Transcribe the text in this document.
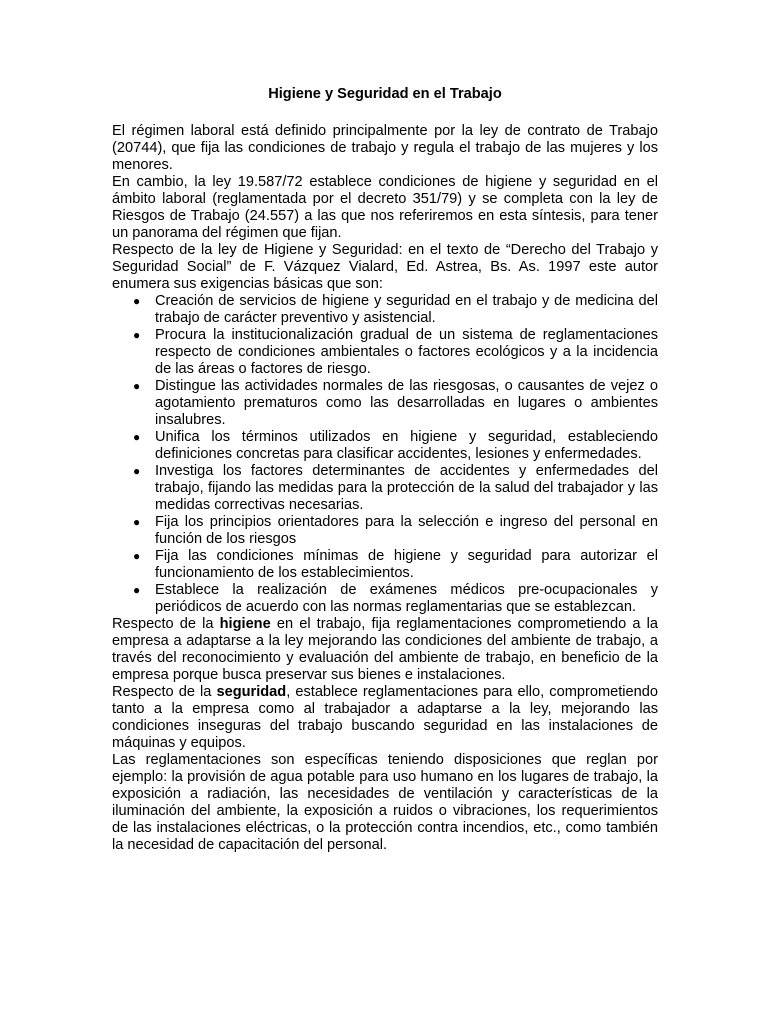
Higiene y Seguridad en el Trabajo

El régimen laboral está definido principalmente por la ley de contrato de Trabajo (20744), que fija las condiciones de trabajo y regula el trabajo de las mujeres y los menores.

En cambio, la ley 19.587/72 establece condiciones de higiene y seguridad en el ámbito laboral (reglamentada por el decreto 351/79) y se completa con la ley de Riesgos de Trabajo (24.557) a las que nos referiremos en esta síntesis, para tener un panorama del régimen que fijan.

Respecto de la ley de Higiene y Seguridad: en el texto de “Derecho del Trabajo y Seguridad Social” de F. Vázquez Vialard, Ed. Astrea, Bs. As. 1997 este autor enumera sus exigencias básicas que son:

● Creación de servicios de higiene y seguridad en el trabajo y de medicina del trabajo de carácter preventivo y asistencial.
● Procura la institucionalización gradual de un sistema de reglamentaciones respecto de condiciones ambientales o factores ecológicos y a la incidencia de las áreas o factores de riesgo.
● Distingue las actividades normales de las riesgosas, o causantes de vejez o agotamiento prematuros como las desarrolladas en lugares o ambientes insalubres.
● Unifica los términos utilizados en higiene y seguridad, estableciendo definiciones concretas para clasificar accidentes, lesiones y enfermedades.
● Investiga los factores determinantes de accidentes y enfermedades del trabajo, fijando las medidas para la protección de la salud del trabajador y las medidas correctivas necesarias.
● Fija los principios orientadores para la selección e ingreso del personal en función de los riesgos
● Fija las condiciones mínimas de higiene y seguridad para autorizar el funcionamiento de los establecimientos.
● Establece la realización de exámenes médicos pre-ocupacionales y periódicos de acuerdo con las normas reglamentarias que se establezcan.

Respecto de la higiene en el trabajo, fija reglamentaciones comprometiendo a la empresa a adaptarse a la ley mejorando las condiciones del ambiente de trabajo, a través del reconocimiento y evaluación del ambiente de trabajo, en beneficio de la empresa porque busca preservar sus bienes e instalaciones.

Respecto de la seguridad, establece reglamentaciones para ello, comprometiendo tanto a la empresa como al trabajador a adaptarse a la ley, mejorando las condiciones inseguras del trabajo buscando seguridad en las instalaciones de máquinas y equipos.

Las reglamentaciones son específicas teniendo disposiciones que reglan por ejemplo: la provisión de agua potable para uso humano en los lugares de trabajo, la exposición a radiación, las necesidades de ventilación y características de la iluminación del ambiente, la exposición a ruidos o vibraciones, los requerimientos de las instalaciones eléctricas, o la protección contra incendios, etc., como también la necesidad de capacitación del personal.
